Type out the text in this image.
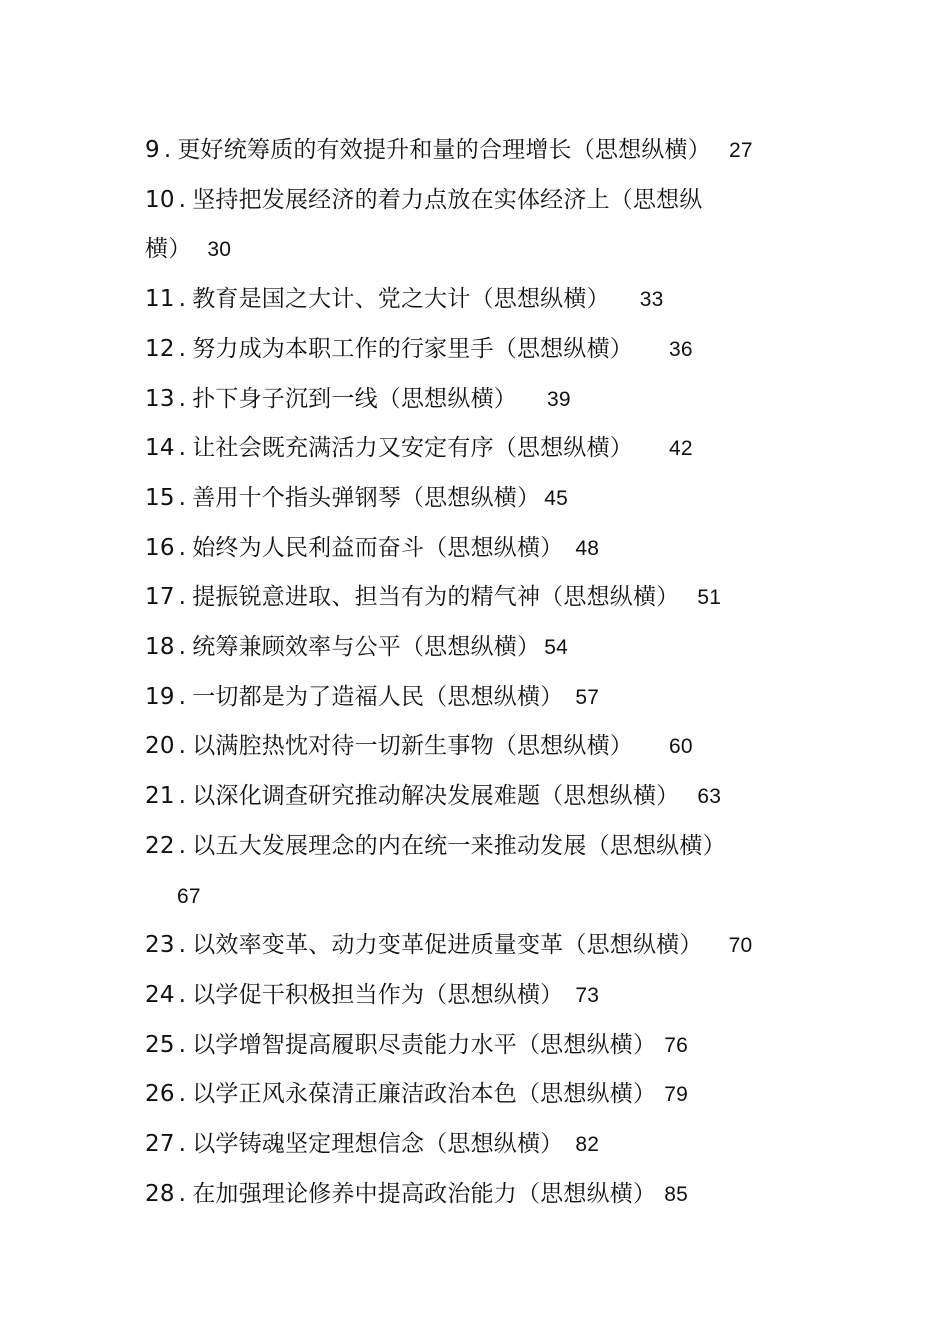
9 . 更好统筹质的有效提升和量的合理增长（思想纵横） 27
10 . 坚持把发展经济的着力点放在实体经济上（思想纵
横） 30
11 . 教育是国之大计、党之大计（思想纵横） 33
12 . 努力成为本职工作的行家里手（思想纵横） 36
13 . 扑下身子沉到一线（思想纵横） 39
14 . 让社会既充满活力又安定有序（思想纵横） 42
15 . 善用十个指头弹钢琴（思想纵横） 45
16 . 始终为人民利益而奋斗（思想纵横） 48
17 . 提振锐意进取、担当有为的精气神（思想纵横） 51
18 . 统筹兼顾效率与公平（思想纵横） 54
19 . 一切都是为了造福人民（思想纵横） 57
20 . 以满腔热忱对待一切新生事物（思想纵横） 60
21 . 以深化调查研究推动解决发展难题（思想纵横） 63
22 . 以五大发展理念的内在统一来推动发展（思想纵横）
67
23 . 以效率变革、动力变革促进质量变革（思想纵横） 70
24 . 以学促干积极担当作为（思想纵横） 73
25 . 以学增智提高履职尽责能力水平（思想纵横） 76
26 . 以学正风永葆清正廉洁政治本色（思想纵横） 79
27 . 以学铸魂坚定理想信念（思想纵横） 82
28 . 在加强理论修养中提高政治能力（思想纵横） 85
